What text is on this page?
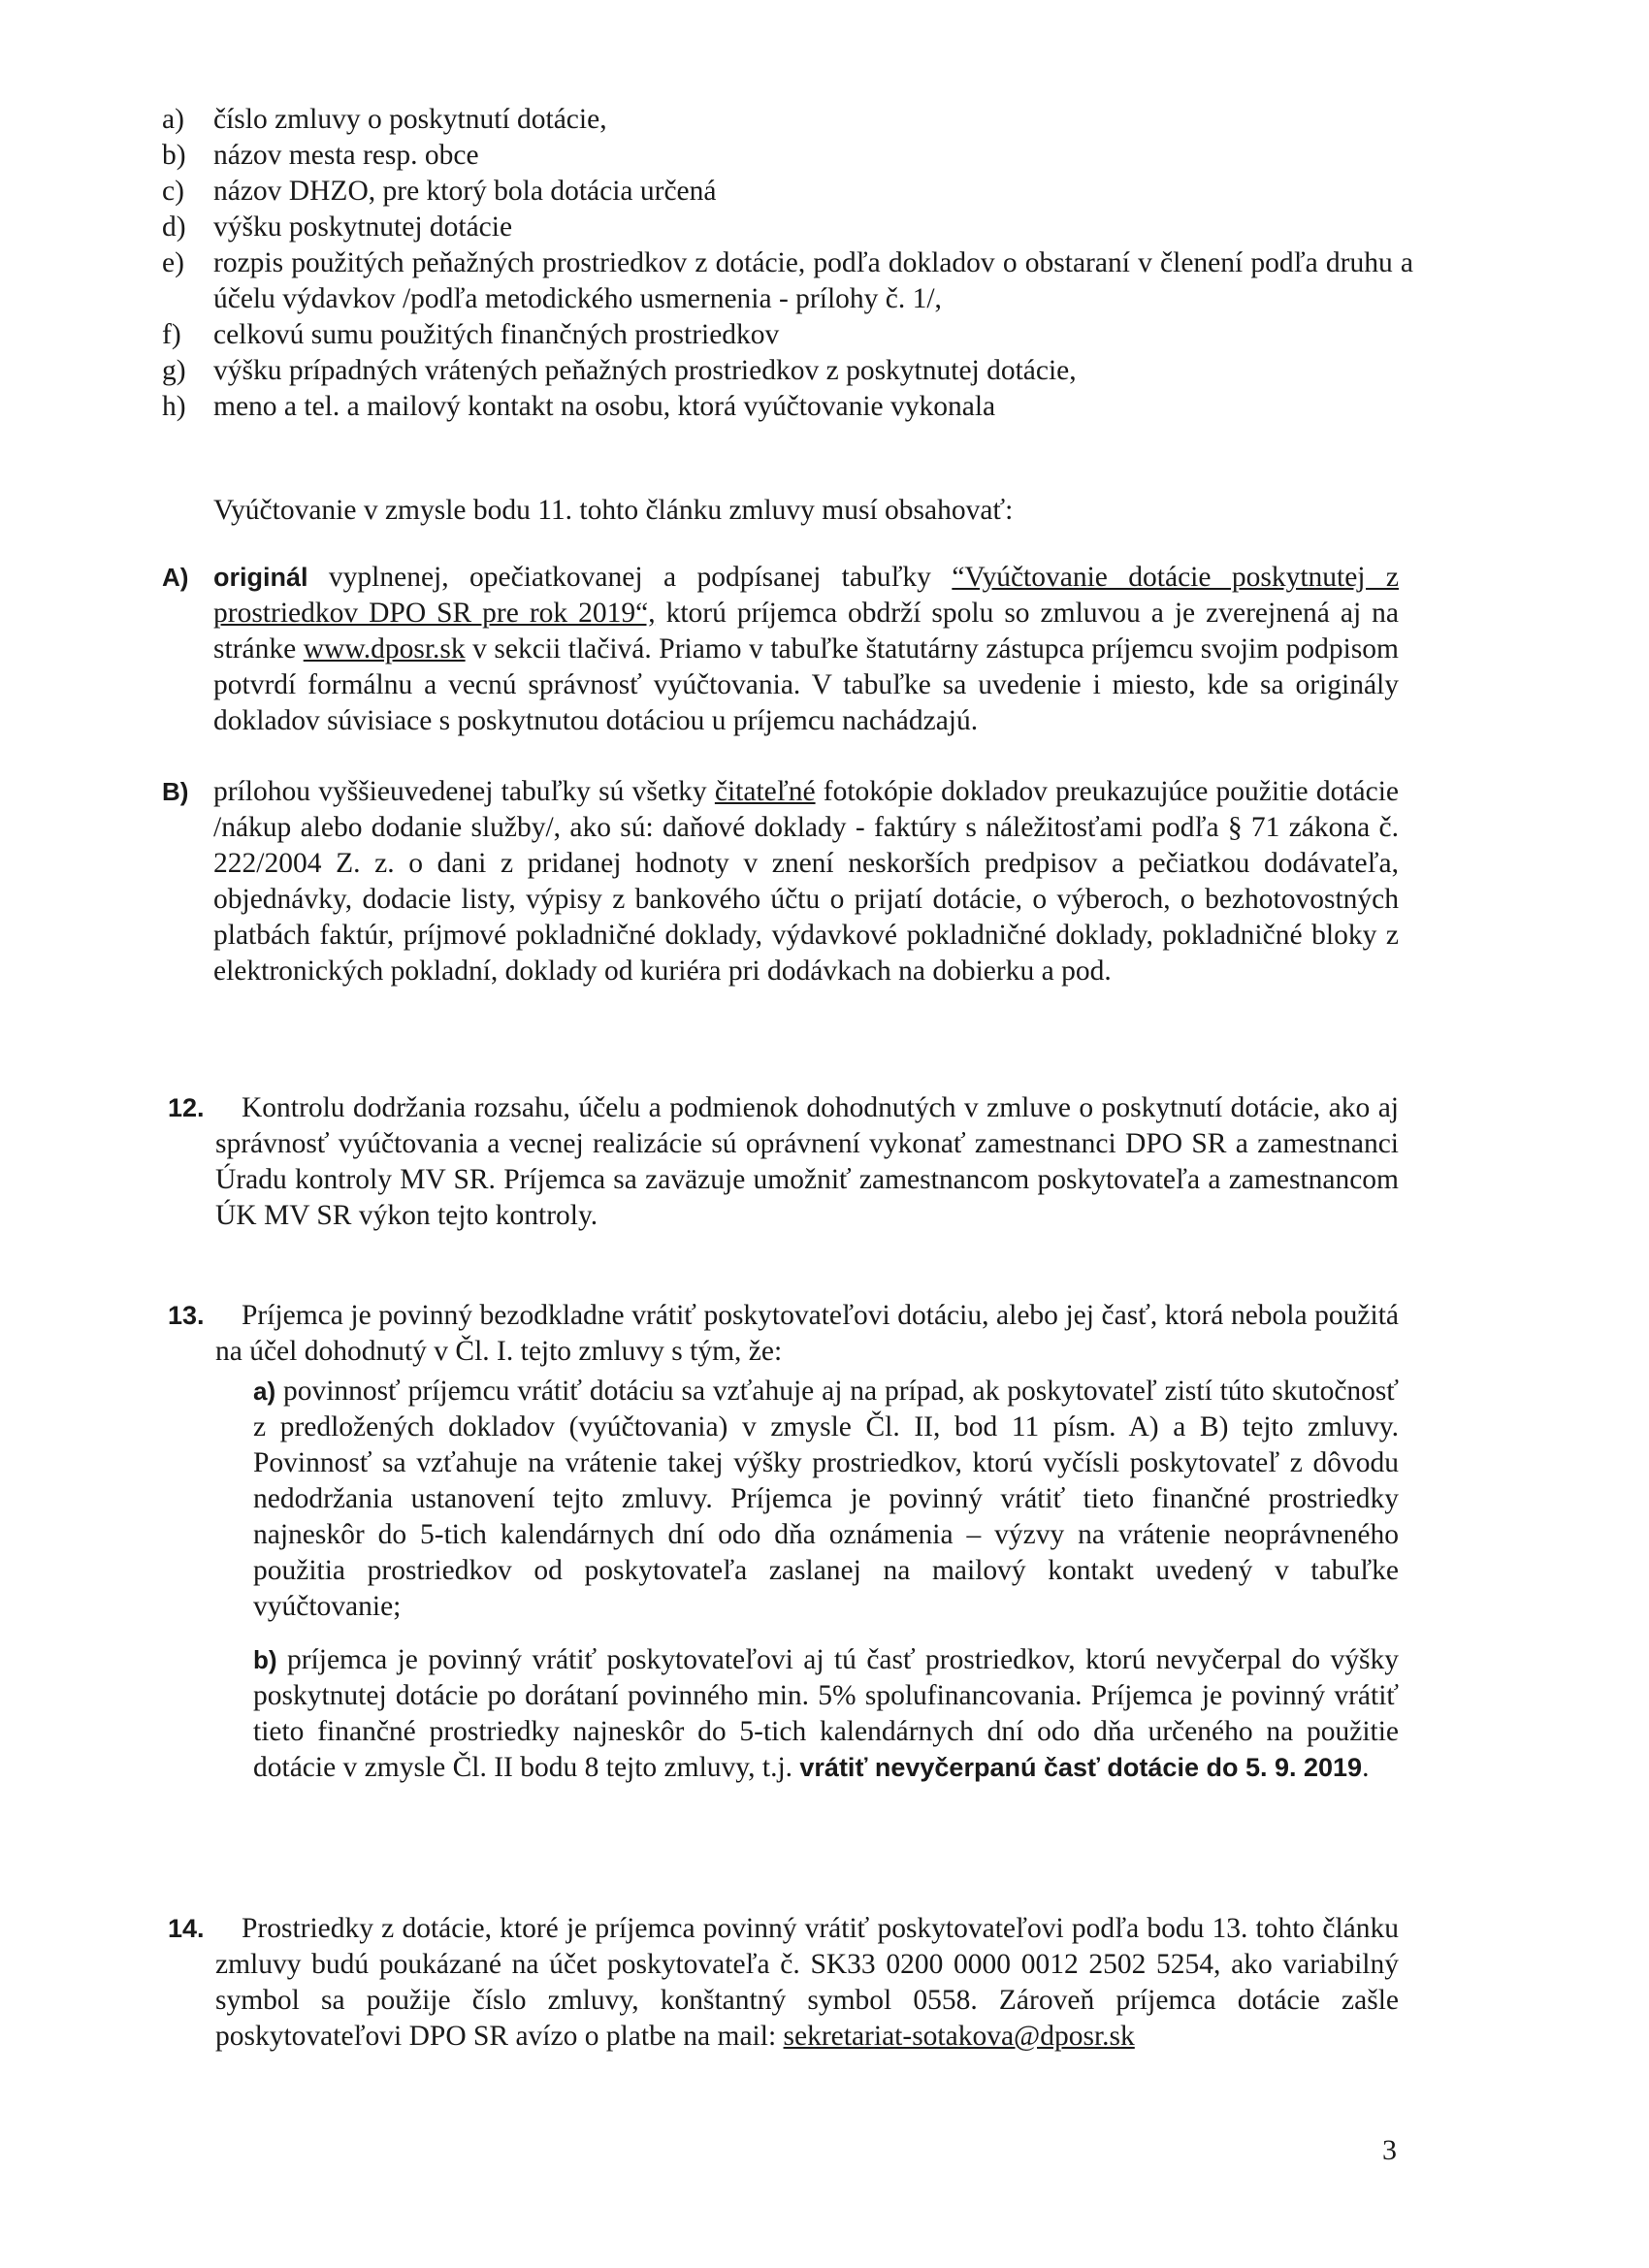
a) číslo zmluvy o poskytnutí dotácie,
b) názov mesta resp. obce
c) názov DHZO, pre ktorý bola dotácia určená
d) výšku poskytnutej dotácie
e) rozpis použitých peňažných prostriedkov z dotácie, podľa dokladov o obstaraní v členení podľa druhu a účelu výdavkov /podľa metodického usmernenia - prílohy č. 1/,
f) celkovú sumu použitých finančných prostriedkov
g) výšku prípadných vrátených peňažných prostriedkov z poskytnutej dotácie,
h) meno a tel. a mailový kontakt na osobu, ktorá vyúčtovanie vykonala
Vyúčtovanie v zmysle bodu 11. tohto článku zmluvy musí obsahovať:
A) originál vyplnenej, opečiatkovanej a podpísanej tabuľky “Vyúčtovanie dotácie poskytnutej z prostriedkov DPO SR pre rok 2019“, ktorú príjemca obdrží spolu so zmluvou a je zverejnená aj na stránke www.dposr.sk v sekcii tlačivá. Priamo v tabuľke štatutárny zástupca príjemcu svojim podpisom potvrdí formálnu a vecnú správnosť vyúčtovania. V tabuľke sa uvedenie i miesto, kde sa originály dokladov súvisiace s poskytnutou dotáciou u príjemcu nachádzajú.
B) prílohou vyššieuvedenej tabuľky sú všetky čitateľné fotokópie dokladov preukazujúce použitie dotácie /nákup alebo dodanie služby/, ako sú: daňové doklady - faktúry s náležitosťami podľa § 71 zákona č. 222/2004 Z. z. o dani z pridanej hodnoty v znení neskorších predpisov a pečiatkou dodávateľa, objednávky, dodacie listy, výpisy z bankového účtu o prijatí dotácie, o výberoch, o bezhotovostných platbách faktúr, príjmové pokladničné doklady, výdavkové pokladničné doklady, pokladničné bloky z elektronických pokladní, doklady od kuriéra pri dodávkach na dobierku a pod.
12.	Kontrolu dodržania rozsahu, účelu a podmienok dohodnutých v zmluve o poskytnutí dotácie, ako aj správnosť vyúčtovania a vecnej realizácie sú oprávnení vykonať zamestnanci DPO SR a zamestnanci Úradu kontroly MV SR. Príjemca sa zaväzuje umožniť zamestnancom poskytovateľa a zamestnancom ÚK MV SR výkon tejto kontroly.
13.	Príjemca je povinný bezodkladne vrátiť poskytovateľovi dotáciu, alebo jej časť, ktorá nebola použitá na účel dohodnutý v Čl. I. tejto zmluvy s tým, že:
a) povinnosť príjemcu vrátiť dotáciu sa vzťahuje aj na prípad, ak poskytovateľ zistí túto skutočnosť z predložených dokladov (vyúčtovania) v zmysle Čl. II, bod 11 písm. A) a B) tejto zmluvy. Povinnosť sa vzťahuje na vrátenie takej výšky prostriedkov, ktorú vyčísli poskytovateľ z dôvodu nedodržania ustanovení tejto zmluvy. Príjemca je povinný vrátiť tieto finančné prostriedky najneskôr do 5-tich kalendárnych dní odo dňa oznámenia – výzvy na vrátenie neoprávneného použitia prostriedkov od poskytovateľa zaslanej na mailový kontakt uvedený v tabuľke vyúčtovanie;
b) príjemca je povinný vrátiť poskytovateľovi aj tú časť prostriedkov, ktorú nevyčerpal do výšky poskytnutej dotácie po dorátaní povinného min. 5% spolufinancovania. Príjemca je povinný vrátiť tieto finančné prostriedky najneskôr do 5-tich kalendárnych dní odo dňa určeného na použitie dotácie v zmysle Čl. II bodu 8 tejto zmluvy, t.j. vrátiť nevyčerpanú časť dotácie do 5. 9. 2019.
14.	Prostriedky z dotácie, ktoré je príjemca povinný vrátiť poskytovateľovi podľa bodu 13. tohto článku zmluvy budú poukázané na účet poskytovateľa č. SK33 0200 0000 0012 2502 5254, ako variabilný symbol sa použije číslo zmluvy, konštantný symbol 0558. Zároveň príjemca dotácie zašle poskytovateľovi DPO SR avízo o platbe na mail: sekretariat-sotakova@dposr.sk
3
